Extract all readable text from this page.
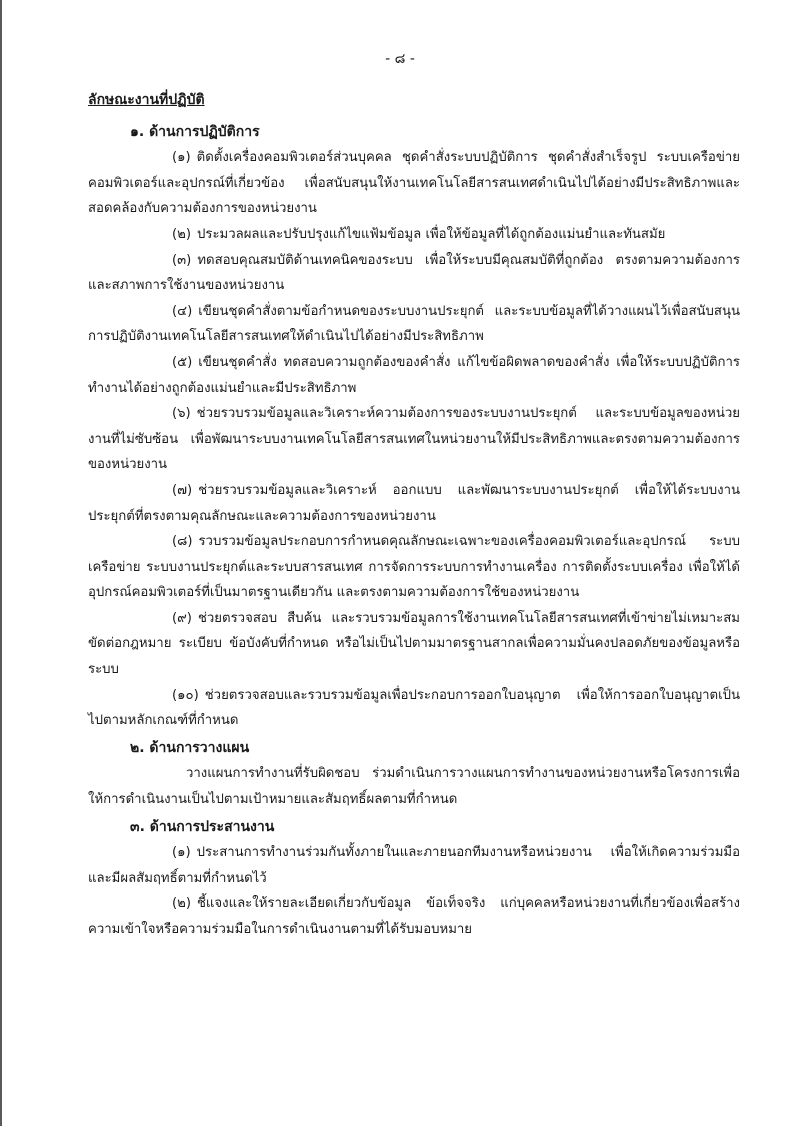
- ๘ -
ลักษณะงานที่ปฏิบัติ
๑. ด้านการปฏิบัติการ

(๑) ติดตั้งเครื่องคอมพิวเตอร์ส่วนบุคคล ชุดคำสั่งระบบปฏิบัติการ ชุดคำสั่งสำเร็จรูป ระบบเครือข่ายคอมพิวเตอร์และอุปกรณ์ที่เกี่ยวข้อง เพื่อสนับสนุนให้งานเทคโนโลยีสารสนเทศดำเนินไปได้อย่างมีประสิทธิภาพและสอดคล้องกับความต้องการของหน่วยงาน

(๒) ประมวลผลและปรับปรุงแก้ไขแฟ้มข้อมูล เพื่อให้ข้อมูลที่ได้ถูกต้องแม่นยำและทันสมัย

(๓) ทดสอบคุณสมบัติด้านเทคนิคของระบบ เพื่อให้ระบบมีคุณสมบัติที่ถูกต้อง ตรงตามความต้องการและสภาพการใช้งานของหน่วยงาน

(๔) เขียนชุดคำสั่งตามข้อกำหนดของระบบงานประยุกต์ และระบบข้อมูลที่ได้วางแผนไว้เพื่อสนับสนุนการปฏิบัติงานเทคโนโลยีสารสนเทศให้ดำเนินไปได้อย่างมีประสิทธิภาพ

(๕) เขียนชุดคำสั่ง ทดสอบความถูกต้องของคำสั่ง แก้ไขข้อผิดพลาดของคำสั่ง เพื่อให้ระบบปฏิบัติการทำงานได้อย่างถูกต้องแม่นยำและมีประสิทธิภาพ

(๖) ช่วยรวบรวมข้อมูลและวิเคราะห์ความต้องการของระบบงานประยุกต์ และระบบข้อมูลของหน่วยงานที่ไม่ซับซ้อน เพื่อพัฒนาระบบงานเทคโนโลยีสารสนเทศในหน่วยงานให้มีประสิทธิภาพและตรงตามความต้องการของหน่วยงาน

(๗) ช่วยรวบรวมข้อมูลและวิเคราะห์ ออกแบบ และพัฒนาระบบงานประยุกต์ เพื่อให้ได้ระบบงานประยุกต์ที่ตรงตามคุณลักษณะและความต้องการของหน่วยงาน

(๘) รวบรวมข้อมูลประกอบการกำหนดคุณลักษณะเฉพาะของเครื่องคอมพิวเตอร์และอุปกรณ์ ระบบเครือข่าย ระบบงานประยุกต์และระบบสารสนเทศ การจัดการระบบการทำงานเครื่อง การติดตั้งระบบเครื่อง เพื่อให้ได้อุปกรณ์คอมพิวเตอร์ที่เป็นมาตรฐานเดียวกัน และตรงตามความต้องการใช้ของหน่วยงาน

(๙) ช่วยตรวจสอบ สืบค้น และรวบรวมข้อมูลการใช้งานเทคโนโลยีสารสนเทศที่เข้าข่ายไม่เหมาะสม ขัดต่อกฎหมาย ระเบียบ ข้อบังคับที่กำหนด หรือไม่เป็นไปตามมาตรฐานสากลเพื่อความมั่นคงปลอดภัยของข้อมูลหรือระบบ

(๑๐) ช่วยตรวจสอบและรวบรวมข้อมูลเพื่อประกอบการออกใบอนุญาต เพื่อให้การออกใบอนุญาตเป็นไปตามหลักเกณฑ์ที่กำหนด

๒. ด้านการวางแผน

วางแผนการทำงานที่รับผิดชอบ ร่วมดำเนินการวางแผนการทำงานของหน่วยงานหรือโครงการเพื่อให้การดำเนินงานเป็นไปตามเป้าหมายและสัมฤทธิ์ผลตามที่กำหนด

๓. ด้านการประสานงาน

(๑) ประสานการทำงานร่วมกันทั้งภายในและภายนอกทีมงานหรือหน่วยงาน เพื่อให้เกิดความร่วมมือและมีผลสัมฤทธิ์ตามที่กำหนดไว้

(๒) ชี้แจงและให้รายละเอียดเกี่ยวกับข้อมูล ข้อเท็จจริง แก่บุคคลหรือหน่วยงานที่เกี่ยวข้องเพื่อสร้างความเข้าใจหรือความร่วมมือในการดำเนินงานตามที่ได้รับมอบหมาย
